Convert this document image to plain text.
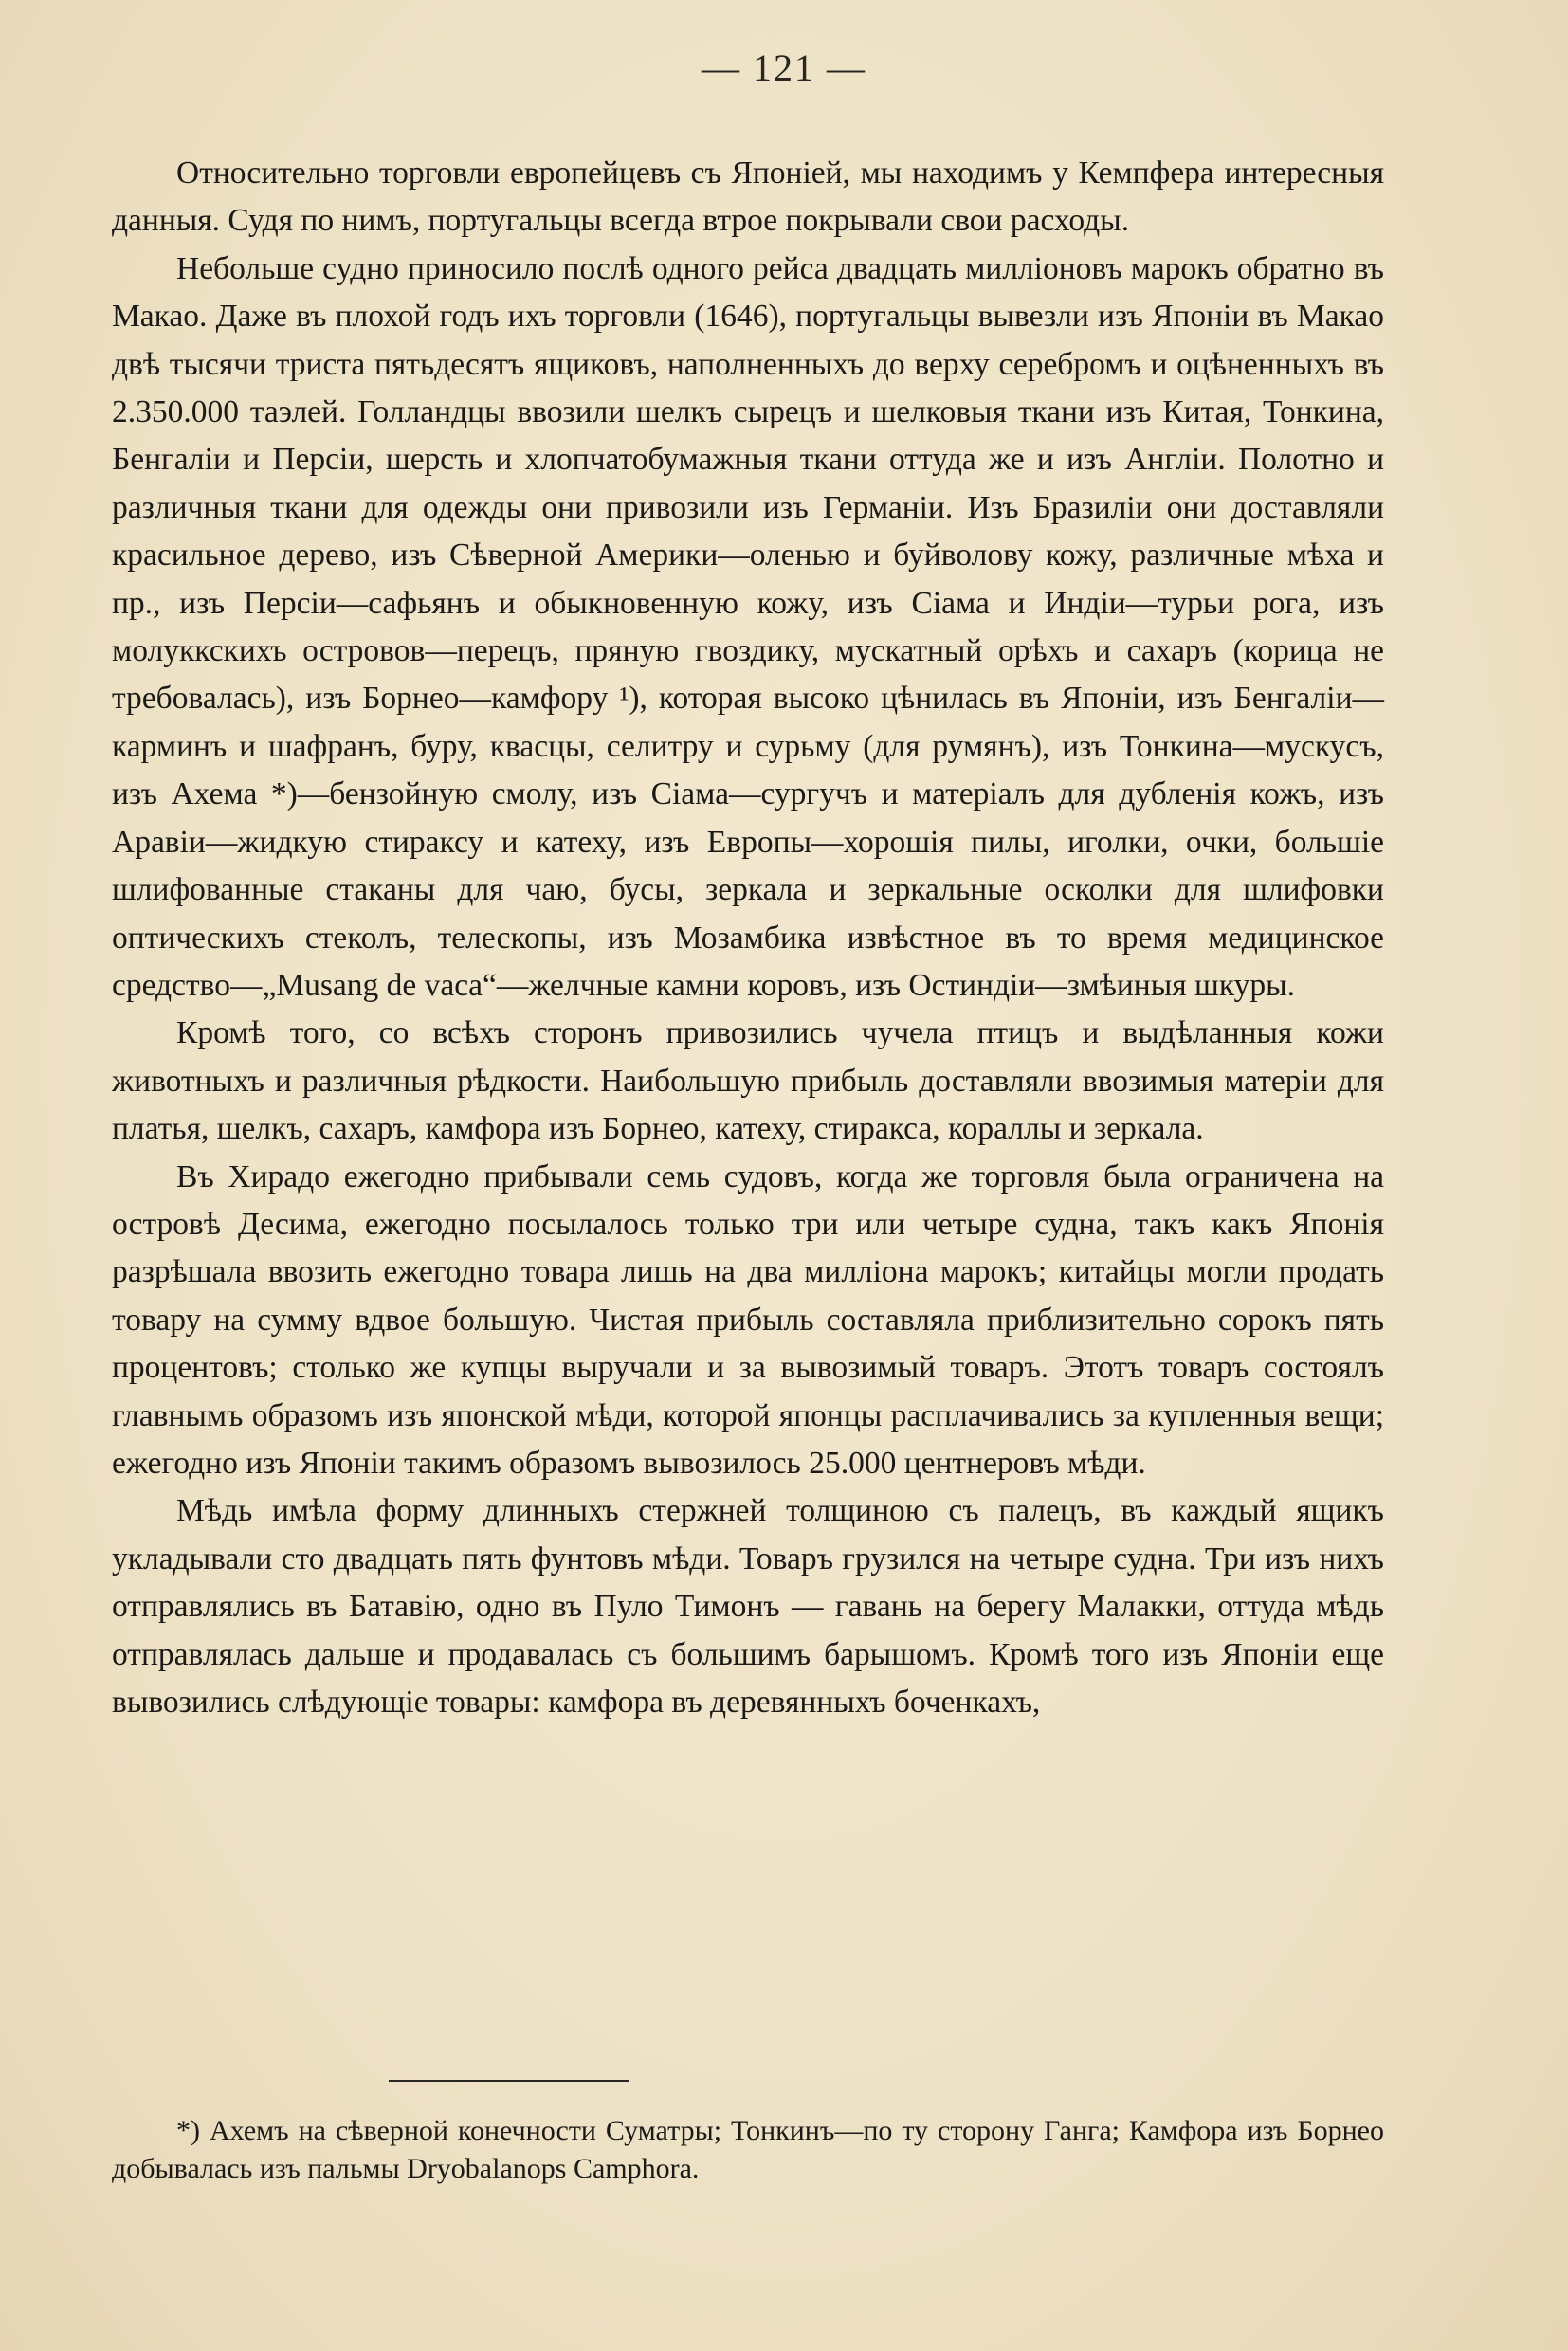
— 121 —

Относительно торговли европейцевъ съ Японiей, мы находимъ у Кемпфера интересныя данныя. Судя по нимъ, португальцы всегда втрое покрывали свои расходы.

Небольше судно приносило послѣ одного рейса двадцать миллiоновъ марокъ обратно въ Макао. Даже въ плохой годъ ихъ торговли (1646), португальцы вывезли изъ Японiи въ Макао двѣ тысячи триста пятьдесятъ ящиковъ, наполненныхъ до верху серебромъ и оцѣненныхъ въ 2.350.000 таэлей. Голландцы ввозили шелкъ сырецъ и шелковыя ткани изъ Китая, Тонкина, Бенгалiи и Персiи, шерсть и хлопчатобумажныя ткани оттуда же и изъ Англiи. Полотно и различныя ткани для одежды они привозили изъ Германiи. Изъ Бразилiи они доставляли красильное дерево, изъ Сѣверной Америки—оленью и буйволову кожу, различные мѣха и пр., изъ Персiи—сафьянъ и обыкновенную кожу, изъ Сiама и Индiи—турьи рога, изъ молуккскихъ островов—перецъ, пряную гвоздику, мускатный орѣхъ и сахаръ (корица не требовалась), изъ Борнео—камфору ¹), которая высоко цѣнилась въ Японiи, изъ Бенгалiи—карминъ и шафранъ, буру, квасцы, селитру и сурьму (для румянъ), изъ Тонкина—мускусъ, изъ Ахема *)—бензойную смолу, изъ Сiама—сургучъ и матерiалъ для дубленiя кожъ, изъ Аравiи—жидкую стираксу и катеху, изъ Европы—хорошiя пилы, иголки, очки, большiе шлифованные стаканы для чаю, бусы, зеркала и зеркальные осколки для шлифовки оптическихъ стеколъ, телескопы, изъ Мозамбика извѣстное въ то время медицинское средство—„Musang de vaca“—желчные камни коровъ, изъ Остиндiи—змѣиныя шкуры.

Кромѣ того, со всѣхъ сторонъ привозились чучела птицъ и выдѣланныя кожи животныхъ и различныя рѣдкости. Наибольшую прибыль доставляли ввозимыя матерiи для платья, шелкъ, сахаръ, камфора изъ Борнео, катеху, стиракса, кораллы и зеркала.

Въ Хирадо ежегодно прибывали семь судовъ, когда же торговля была ограничена на островѣ Десима, ежегодно посылалось только три или четыре судна, такъ какъ Японiя разрѣшала ввозить ежегодно товара лишь на два миллiона марокъ; китайцы могли продать товару на сумму вдвое большую. Чистая прибыль составляла приблизительно сорокъ пять процентовъ; столько же купцы выручали и за вывозимый товаръ. Этотъ товаръ состоялъ главнымъ образомъ изъ японской мѣди, которой японцы расплачивались за купленныя вещи; ежегодно изъ Японiи такимъ образомъ вывозилось 25.000 центнеровъ мѣди.

Мѣдь имѣла форму длинныхъ стержней толщиною съ палецъ, въ каждый ящикъ укладывали сто двадцать пять фунтовъ мѣди. Товаръ грузился на четыре судна. Три изъ нихъ отправлялись въ Батавiю, одно въ Пуло Тимонъ — гавань на берегу Малакки, оттуда мѣдь отправлялась дальше и продавалась съ большимъ барышомъ. Кромѣ того изъ Японiи еще вывозились слѣдующiе товары: камфора въ деревянныхъ боченкахъ,

*) Ахемъ на сѣверной конечности Суматры; Тонкинъ—по ту сторону Ганга; Камфора изъ Борнео добывалась изъ пальмы Dryobalanops Camphora.
